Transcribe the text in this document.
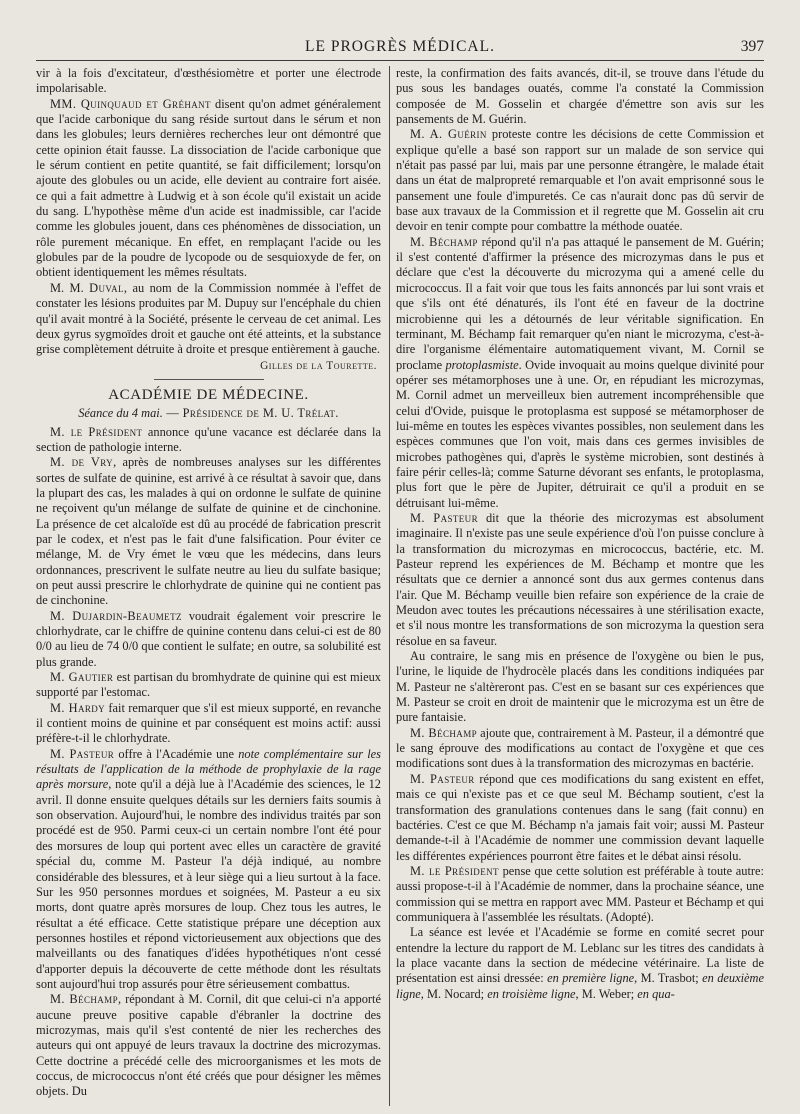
LE PROGRÈS MÉDICAL.	397

vir à la fois d'excitateur, d'œsthésiomètre et porter une électrode impolarisable.

MM. Quinquaud et Gréhant disent qu'on admet généralement que l'acide carbonique du sang réside surtout dans le sérum et non dans les globules; leurs dernières recherches leur ont démontré que cette opinion était fausse. La dissociation de l'acide carbonique que le sérum contient en petite quantité, se fait difficilement; lorsqu'on ajoute des globules ou un acide, elle devient au contraire fort aisée. ce qui a fait admettre à Ludwig et à son école qu'il existait un acide du sang. L'hypothèse même d'un acide est inadmissible, car l'acide comme les globules jouent, dans ces phénomènes de dissociation, un rôle purement mécanique. En effet, en remplaçant l'acide ou les globules par de la poudre de lycopode ou de sesquioxyde de fer, on obtient identiquement les mêmes résultats.

M. M. Duval, au nom de la Commission nommée à l'effet de constater les lésions produites par M. Dupuy sur l'encéphale du chien qu'il avait montré à la Société, présente le cerveau de cet animal. Les deux gyrus sygmoïdes droit et gauche ont été atteints, et la substance grise complètement détruite à droite et presque entièrement à gauche.

Gilles de la Tourette.
ACADÉMIE DE MÉDECINE.
Séance du 4 mai. — Présidence de M. U. Trélat.

M. le Président annonce qu'une vacance est déclarée dans la section de pathologie interne.

M. de Vry, après de nombreuses analyses sur les différentes sortes de sulfate de quinine, est arrivé à ce résultat à savoir que, dans la plupart des cas, les malades à qui on ordonne le sulfate de quinine ne reçoivent qu'un mélange de sulfate de quinine et de cinchonine. La présence de cet alcaloïde est dû au procédé de fabrication prescrit par le codex, et n'est pas le fait d'une falsification. Pour éviter ce mélange, M. de Vry émet le vœu que les médecins, dans leurs ordonnances, prescrivent le sulfate neutre au lieu du sulfate basique; on peut aussi prescrire le chlorhydrate de quinine qui ne contient pas de cinchonine.

M. Dujardin-Beaumetz voudrait également voir prescrire le chlorhydrate, car le chiffre de quinine contenu dans celui-ci est de 80 0/0 au lieu de 74 0/0 que contient le sulfate; en outre, sa solubilité est plus grande.

M. Gautier est partisan du bromhydrate de quinine qui est mieux supporté par l'estomac.

M. Hardy fait remarquer que s'il est mieux supporté, en revanche il contient moins de quinine et par conséquent est moins actif: aussi préfère-t-il le chlorhydrate.

M. Pasteur offre à l'Académie une note complémentaire sur les résultats de l'application de la méthode de prophylaxie de la rage après morsure, note qu'il a déjà lue à l'Académie des sciences, le 12 avril. Il donne ensuite quelques détails sur les derniers faits soumis à son observation. Aujourd'hui, le nombre des individus traités par son procédé est de 950. Parmi ceux-ci un certain nombre l'ont été pour des morsures de loup qui portent avec elles un caractère de gravité spécial du, comme M. Pasteur l'a déjà indiqué, au nombre considérable des blessures, et à leur siège qui a lieu surtout à la face. Sur les 950 personnes mordues et soignées, M. Pasteur a eu six morts, dont quatre après morsures de loup. Chez tous les autres, le résultat a été efficace. Cette statistique prépare une déception aux personnes hostiles et répond victorieusement aux objections que des malveillants ou des fanatiques d'idées hypothétiques n'ont cessé d'apporter depuis la découverte de cette méthode dont les résultats sont aujourd'hui trop assurés pour être sérieusement combattus.

M. Béchamp, répondant à M. Cornil, dit que celui-ci n'a apporté aucune preuve positive capable d'ébranler la doctrine des microzymas, mais qu'il s'est contenté de nier les recherches des auteurs qui ont appuyé de leurs travaux la doctrine des microzymas. Cette doctrine a précédé celle des microorganismes et les mots de coccus, de micrococcus n'ont été créés que pour désigner les mêmes objets. Du

reste, la confirmation des faits avancés, dit-il, se trouve dans l'étude du pus sous les bandages ouatés, comme l'a constaté la Commission composée de M. Gosselin et chargée d'émettre son avis sur les pansements de M. Guérin.

M. A. Guérin proteste contre les décisions de cette Commission et explique qu'elle a basé son rapport sur un malade de son service qui n'était pas passé par lui, mais par une personne étrangère, le malade était dans un état de malpropreté remarquable et l'on avait emprisonné sous le pansement une foule d'impuretés. Ce cas n'aurait donc pas dû servir de base aux travaux de la Commission et il regrette que M. Gosselin ait cru devoir en tenir compte pour combattre la méthode ouatée.

M. Béchamp répond qu'il n'a pas attaqué le pansement de M. Guérin; il s'est contenté d'affirmer la présence des microzymas dans le pus et déclare que c'est la découverte du microzyma qui a amené celle du micrococcus. Il a fait voir que tous les faits annoncés par lui sont vrais et que s'ils ont été dénaturés, ils l'ont été en faveur de la doctrine microbienne qui les a détournés de leur véritable signification. En terminant, M. Béchamp fait remarquer qu'en niant le microzyma, c'est-à-dire l'organisme élémentaire automatiquement vivant, M. Cornil se proclame protoplasmiste. Ovide invoquait au moins quelque divinité pour opérer ses métamorphoses une à une. Or, en répudiant les microzymas, M. Cornil admet un merveilleux bien autrement incompréhensible que celui d'Ovide, puisque le protoplasma est supposé se métamorphoser de lui-même en toutes les espèces vivantes possibles, non seulement dans les espèces communes que l'on voit, mais dans ces germes invisibles de microbes pathogènes qui, d'après le système microbien, sont destinés à faire périr celles-là; comme Saturne dévorant ses enfants, le protoplasma, plus fort que le père de Jupiter, détruirait ce qu'il a produit en se détruisant lui-même.

M. Pasteur dit que la théorie des microzymas est absolument imaginaire. Il n'existe pas une seule expérience d'où l'on puisse conclure à la transformation du microzymas en micrococcus, bactérie, etc. M. Pasteur reprend les expériences de M. Béchamp et montre que les résultats que ce dernier a annoncé sont dus aux germes contenus dans l'air. Que M. Béchamp veuille bien refaire son expérience de la craie de Meudon avec toutes les précautions nécessaires à une stérilisation exacte, et s'il nous montre les transformations de son microzyma la question sera résolue en sa faveur.

Au contraire, le sang mis en présence de l'oxygène ou bien le pus, l'urine, le liquide de l'hydrocèle placés dans les conditions indiquées par M. Pasteur ne s'altèreront pas. C'est en se basant sur ces expériences que M. Pasteur se croit en droit de maintenir que le microzyma est un être de pure fantaisie.

M. Béchamp ajoute que, contrairement à M. Pasteur, il a démontré que le sang éprouve des modifications au contact de l'oxygène et que ces modifications sont dues à la transformation des microzymas en bactérie.

M. Pasteur répond que ces modifications du sang existent en effet, mais ce qui n'existe pas et ce que seul M. Béchamp soutient, c'est la transformation des granulations contenues dans le sang (fait connu) en bactéries. C'est ce que M. Béchamp n'a jamais fait voir; aussi M. Pasteur demande-t-il à l'Académie de nommer une commission devant laquelle les différentes expériences pourront être faites et le débat ainsi résolu.

M. le Président pense que cette solution est préférable à toute autre: aussi propose-t-il à l'Académie de nommer, dans la prochaine séance, une commission qui se mettra en rapport avec MM. Pasteur et Béchamp et qui communiquera à l'assemblée les résultats. (Adopté).

La séance est levée et l'Académie se forme en comité secret pour entendre la lecture du rapport de M. Leblanc sur les titres des candidats à la place vacante dans la section de médecine vétérinaire. La liste de présentation est ainsi dressée: en première ligne, M. Trasbot; en deuxième ligne, M. Nocard; en troisième ligne, M. Weber; en qua-
